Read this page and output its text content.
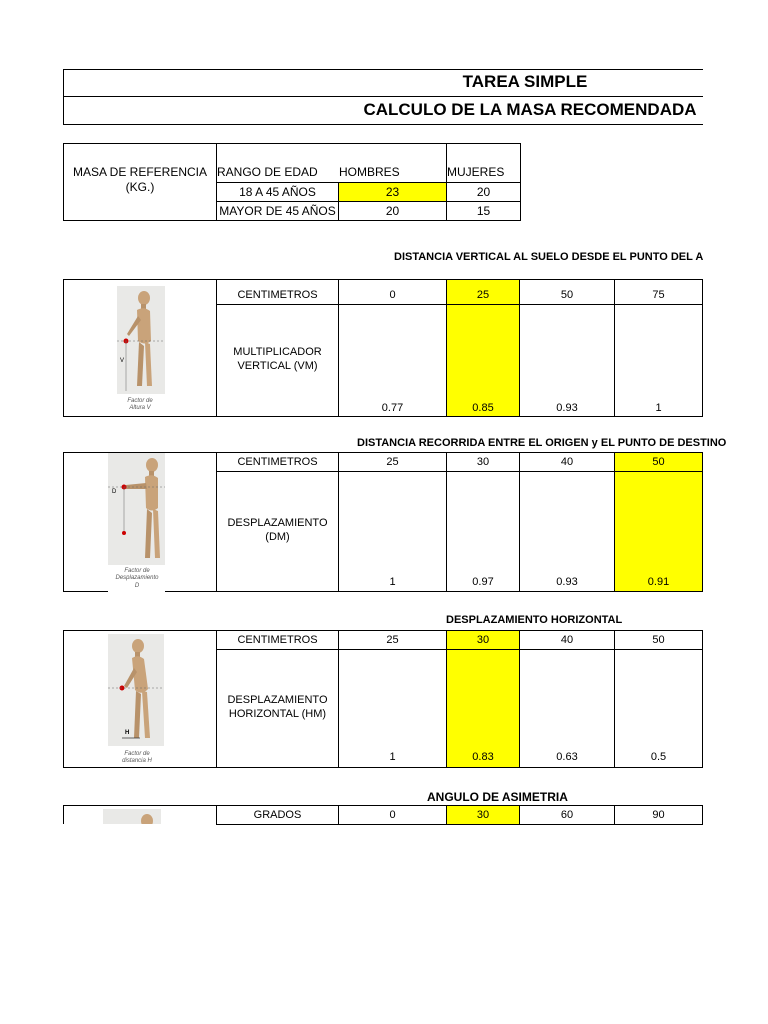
TAREA SIMPLE
CALCULO DE LA MASA RECOMENDADA
MASA DE REFERENCIA
(KG.)
RANGO DE EDAD	HOMBRES	MUJERES
18 A 45 AÑOS	23	20
MAYOR DE 45 AÑOS	20	15
DISTANCIA VERTICAL AL SUELO DESDE EL PUNTO DEL A
V
Factor de
Altura V
CENTIMETROS	0	25	50	75
MULTIPLICADOR
VERTICAL (VM)
0.77	0.85	0.93	1
DISTANCIA RECORRIDA ENTRE EL ORIGEN y EL PUNTO DE DESTINO
D
Factor de
Desplazamiento
D
CENTIMETROS	25	30	40	50
DESPLAZAMIENTO
(DM)
1	0.97	0.93	0.91
DESPLAZAMIENTO HORIZONTAL
H
Factor de
distancia H
CENTIMETROS	25	30	40	50
DESPLAZAMIENTO
HORIZONTAL (HM)
1	0.83	0.63	0.5
ANGULO DE ASIMETRIA
GRADOS	0	30	60	90
